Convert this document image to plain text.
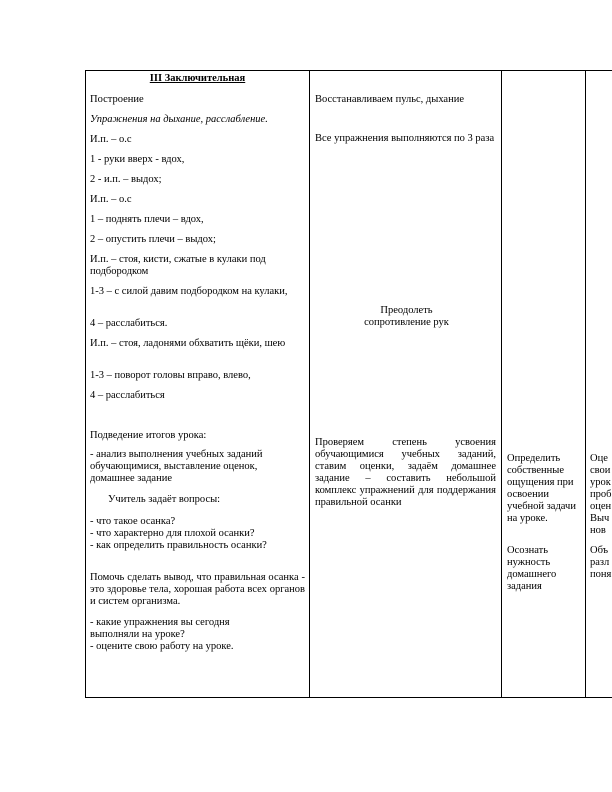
III Заключительная
Построение
Упражнения на дыхание, расслабление.
И.п. – о.с
1 - руки вверх - вдох,
2 - и.п. – выдох;
И.п. – о.с
1 – поднять плечи – вдох,
2 – опустить плечи – выдох;
И.п. – стоя, кисти, сжатые в кулаки под подбородком
1-3 – с силой давим подбородком на кулаки,
4 – расслабиться.
И.п. – стоя, ладонями обхватить щёки, шею
1-3 – поворот головы вправо, влево,
4 – расслабиться
Подведение итогов урока:
- анализ выполнения учебных заданий обучающимися, выставление оценок, домашнее задание
Учитель задаёт вопросы:

- что такое осанка?

- что характерно для плохой осанки?

- как определить правильность осанки?

Помочь сделать вывод, что правильная осанка - это здоровье тела, хорошая работа всех органов и систем организма.
- какие упражнения вы сегодня выполняли на уроке?
- оцените свою работу на уроке.
Восстанавливаем пульс, дыхание
Все упражнения выполняются по 3 раза

Преодолеть

сопротивление рук

Проверяем степень усвоения обучающимися учебных заданий, ставим оценки, задаём домашнее задание – составить небольшой комплекс упражнений для поддержания правильной осанки
Определить собственные ощущения при освоении учебной задачи на уроке.
Осознать нужность домашнего задания

Оце

свои

урок

проб

оцен

Выч

нов

Объ

разл

поня
